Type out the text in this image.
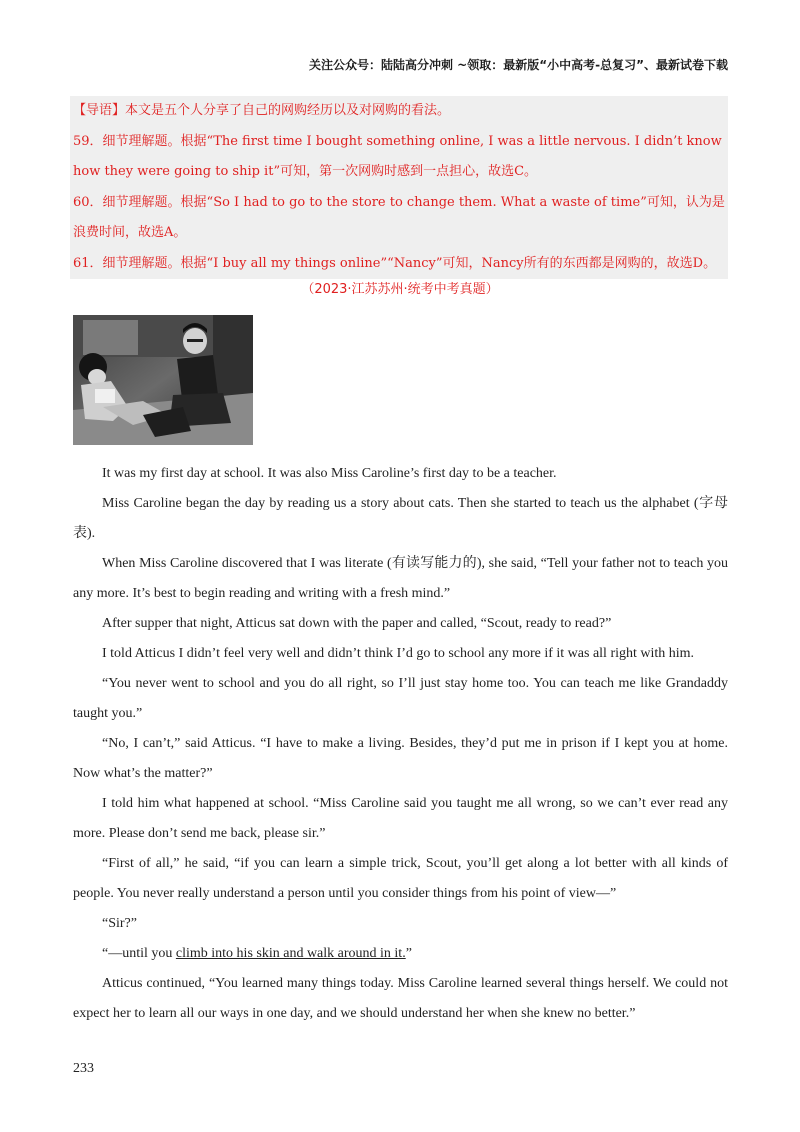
关注公众号：陆陆高分冲刺 ~领取：最新版“小中高考-总复习”、最新试卷下载

【导语】本文是五个人分享了自己的网购经历以及对网购的看法。

59．细节理解题。根据“The first time I bought something online, I was a little nervous. I didn’t know how they were going to ship it”可知，第一次网购时感到一点担心，故选C。

60．细节理解题。根据“So I had to go to the store to change them. What a waste of time”可知，认为是浪费时间，故选A。

61．细节理解题。根据“I buy all my things online”“Nancy”可知，Nancy所有的东西都是网购的，故选D。

（2023·江苏苏州·统考中考真题）

It was my first day at school. It was also Miss Caroline’s first day to be a teacher.

Miss Caroline began the day by reading us a story about cats. Then she started to teach us the alphabet (字母表).

When Miss Caroline discovered that I was literate (有读写能力的), she said, “Tell your father not to teach you any more. It’s best to begin reading and writing with a fresh mind.”

After supper that night, Atticus sat down with the paper and called, “Scout, ready to read?”

I told Atticus I didn’t feel very well and didn’t think I’d go to school any more if it was all right with him.

“You never went to school and you do all right, so I’ll just stay home too. You can teach me like Grandaddy taught you.”

“No, I can’t,” said Atticus. “I have to make a living. Besides, they’d put me in prison if I kept you at home. Now what’s the matter?”

I told him what happened at school. “Miss Caroline said you taught me all wrong, so we can’t ever read any more. Please don’t send me back, please sir.”

“First of all,” he said, “if you can learn a simple trick, Scout, you’ll get along a lot better with all kinds of people. You never really understand a person until you consider things from his point of view—”

“Sir?”

“—until you climb into his skin and walk around in it.”

Atticus continued, “You learned many things today. Miss Caroline learned several things herself. We could not expect her to learn all our ways in one day, and we should understand her when she knew no better.”

233
